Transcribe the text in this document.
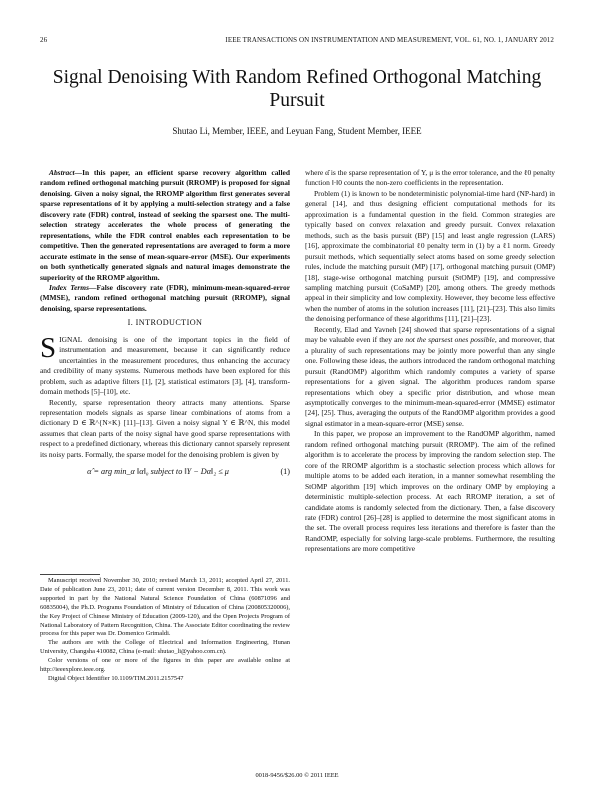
26	IEEE TRANSACTIONS ON INSTRUMENTATION AND MEASUREMENT, VOL. 61, NO. 1, JANUARY 2012
Signal Denoising With Random Refined Orthogonal Matching Pursuit
Shutao Li, Member, IEEE, and Leyuan Fang, Student Member, IEEE

Abstract—In this paper, an efficient sparse recovery algorithm called random refined orthogonal matching pursuit (RROMP) is proposed for signal denoising. Given a noisy signal, the RROMP algorithm first generates several sparse representations of it by applying a multi-selection strategy and a false discovery rate (FDR) control, instead of seeking the sparsest one. The multi-selection strategy accelerates the whole process of generating the representations, while the FDR control enables each representation to be competitive. Then the generated representations are averaged to form a more accurate estimate in the sense of mean-square-error (MSE). Our experiments on both synthetically generated signals and natural images demonstrate the superiority of the RROMP algorithm.

Index Terms—False discovery rate (FDR), minimum-mean-squared-error (MMSE), random refined orthogonal matching pursuit (RROMP), signal denoising, sparse representations.

I. INTRODUCTION

SIGNAL denoising is one of the important topics in the field of instrumentation and measurement, because it can significantly reduce uncertainties in the measurement procedures, thus enhancing the accuracy and credibility of many systems. Numerous methods have been explored for this problem, such as adaptive filters [1], [2], statistical estimators [3], [4], transform-domain methods [5]–[10], etc.

Recently, sparse representation theory attracts many attentions. Sparse representation models signals as sparse linear combinations of atoms from a dictionary D ∈ ℝ^{N×K} [11]–[13]. Given a noisy signal Y ∈ ℝ^N, this model assumes that clean parts of the noisy signal have good sparse representations with respect to a predefined dictionary, whereas this dictionary cannot sparsely represent its noisy parts. Formally, the sparse model for the denoising problem is given by

α̂ = arg min_α ‖α‖₀ subject to ‖Y − Dα‖₂ ≤ μ	(1)

where α̂ is the sparse representation of Y, μ is the error tolerance, and the ℓ0 penalty function ‖·‖0 counts the non-zero coefficients in the representation.

Problem (1) is known to be nondeterministic polynomial-time hard (NP-hard) in general [14], and thus designing efficient computational methods for its approximation is a fundamental question in the field. Common strategies are typically based on convex relaxation and greedy pursuit. Convex relaxation methods, such as the basis pursuit (BP) [15] and least angle regression (LARS) [16], approximate the combinatorial ℓ0 penalty term in (1) by a ℓ1 norm. Greedy pursuit methods, which sequentially select atoms based on some greedy selection rules, include the matching pursuit (MP) [17], orthogonal matching pursuit (OMP) [18], stage-wise orthogonal matching pursuit (StOMP) [19], and compressive sampling matching pursuit (CoSaMP) [20], among others. The greedy methods appeal in their simplicity and low complexity. However, they become less effective when the number of atoms in the solution increases [11], [21]–[23]. This also limits the denoising performance of these algorithms [11], [21]–[23].

Recently, Elad and Yavneh [24] showed that sparse representations of a signal may be valuable even if they are not the sparsest ones possible, and moreover, that a plurality of such representations may be jointly more powerful than any single one. Following these ideas, the authors introduced the random orthogonal matching pursuit (RandOMP) algorithm which randomly computes a variety of sparse representations for a given signal. The algorithm produces random sparse representations which obey a specific prior distribution, and whose mean asymptotically converges to the minimum-mean-squared-error (MMSE) estimator [24], [25]. Thus, averaging the outputs of the RandOMP algorithm provides a good signal estimator in a mean-square-error (MSE) sense.

In this paper, we propose an improvement to the RandOMP algorithm, named random refined orthogonal matching pursuit (RROMP). The aim of the refined algorithm is to accelerate the process by improving the random selection step. The core of the RROMP algorithm is a stochastic selection process which allows for multiple atoms to be added each iteration, in a manner somewhat resembling the StOMP algorithm [19] which improves on the ordinary OMP by employing a deterministic multiple-selection process. At each RROMP iteration, a set of candidate atoms is randomly selected from the dictionary. Then, a false discovery rate (FDR) control [26]–[28] is applied to determine the most significant atoms in the set. The overall process requires less iterations and therefore is faster than the RandOMP, especially for solving large-scale problems. Furthermore, the resulting representations are more competitive

Manuscript received November 30, 2010; revised March 13, 2011; accepted April 27, 2011. Date of publication June 23, 2011; date of current version December 8, 2011. This work was supported in part by the National Natural Science Foundation of China (60871096 and 60835004), the Ph.D. Programs Foundation of Ministry of Education of China (200805320006), the Key Project of Chinese Ministry of Education (2009-120), and the Open Projects Program of National Laboratory of Pattern Recognition, China. The Associate Editor coordinating the review process for this paper was Dr. Domenico Grimaldi.

The authors are with the College of Electrical and Information Engineering, Hunan University, Changsha 410082, China (e-mail: shutao_li@yahoo.com.cn).

Color versions of one or more of the figures in this paper are available online at http://ieeexplore.ieee.org.

Digital Object Identifier 10.1109/TIM.2011.2157547

0018-9456/$26.00 © 2011 IEEE
